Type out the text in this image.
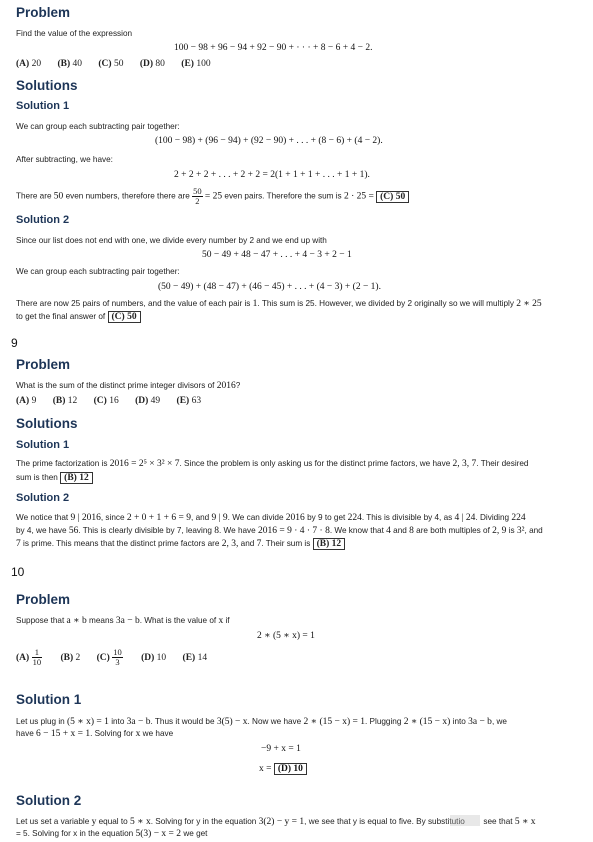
Problem
Find the value of the expression
100 − 98 + 96 − 94 + 92 − 90 + · · · + 8 − 6 + 4 − 2.
(A) 20 (B) 40 (C) 50 (D) 80 (E) 100
Solutions
Solution 1
We can group each subtracting pair together:
(100 − 98) + (96 − 94) + (92 − 90) + . . . + (8 − 6) + (4 − 2).
After subtracting, we have:
2 + 2 + 2 + . . . + 2 + 2 = 2(1 + 1 + 1 + . . . + 1 + 1).
There are 50 even numbers, therefore there are $\frac{50}{2} = 25$ even pairs. Therefore the sum is 2 · 25 = (C) 50
Solution 2
Since our list does not end with one, we divide every number by 2 and we end up with
50 − 49 + 48 − 47 + . . . + 4 − 3 + 2 − 1
We can group each subtracting pair together:
(50 − 49) + (48 − 47) + (46 − 45) + . . . + (4 − 3) + (2 − 1).
There are now 25 pairs of numbers, and the value of each pair is 1. This sum is 25. However, we divided by 2 originally so we will multiply 2 ∗ 25
to get the final answer of (C) 50
9
Problem
What is the sum of the distinct prime integer divisors of 2016?
(A) 9 (B) 12 (C) 16 (D) 49 (E) 63
Solutions
Solution 1
The prime factorization is 2016 = 2⁵ × 3² × 7. Since the problem is only asking us for the distinct prime factors, we have 2, 3, 7. Their desired
sum is then (B) 12
Solution 2
We notice that 9 | 2016, since 2 + 0 + 1 + 6 = 9, and 9 | 9. We can divide 2016 by 9 to get 224. This is divisible by 4, as 4 | 24. Dividing 224
by 4, we have 56. This is clearly divisible by 7, leaving 8. We have 2016 = 9 · 4 · 7 · 8. We know that 4 and 8 are both multiples of 2, 9 is 3², and
7 is prime. This means that the distinct prime factors are 2, 3, and 7. Their sum is (B) 12
10
Problem
Suppose that a ∗ b means 3a − b. What is the value of x if
2 ∗ (5 ∗ x) = 1
$(A) \frac{1}{10} (B)$ 2 $(C) \frac{10}{3} (D)$ 10 (E) 14
Solution 1
Let us plug in (5 ∗ x) = 1 into 3a − b. Thus it would be 3(5) − x. Now we have 2 ∗ (15 − x) = 1. Plugging 2 ∗ (15 − x) into 3a − b, we
have 6 − 15 + x = 1. Solving for x we have
−9 + x = 1
x = (D) 10
Solution 2
Let us set a variable y equal to 5 ∗ x. Solving for y in the equation 3(2) − y = 1, we see that y is equal to five. By substitutio see that 5 ∗ x
= 5. Solving for x in the equation 5(3) − x = 2 we get
